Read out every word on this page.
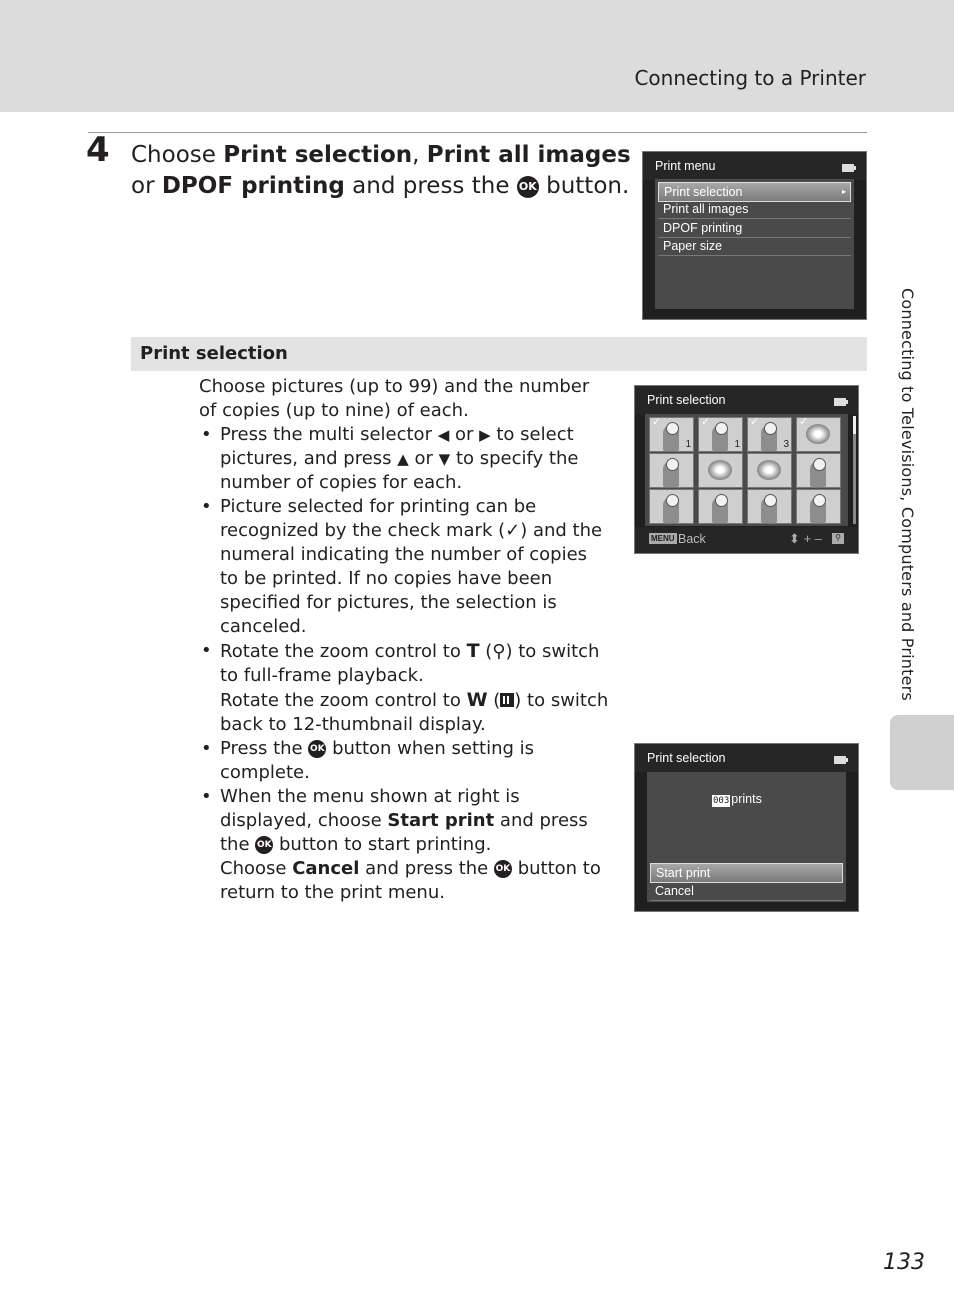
Connecting to a Printer
4 Choose Print selection, Print all images or DPOF printing and press the OK button.
Print menu
Print selection	▸
Print all images
DPOF printing
Paper size
Connecting to Televisions, Computers and Printers
Print selection

Choose pictures (up to 99) and the number of copies (up to nine) of each.

• Press the multi selector ◀ or ▶ to select pictures, and press ▲ or ▼ to specify the number of copies for each.
• Picture selected for printing can be recognized by the check mark (✓) and the numeral indicating the number of copies to be printed. If no copies have been specified for pictures, the selection is canceled.
• Rotate the zoom control to T (⚲) to switch to full-frame playback.
Rotate the zoom control to W ( ) to switch back to 12-thumbnail display.
• Press the OK button when setting is complete.
• When the menu shown at right is displayed, choose Start print and press the OK button to start printing.
Choose Cancel and press the OK button to return to the print menu.
Print selection
MENU Back	⬍ + –	⚲
✓
1
✓
1
✓
3
✓
Print selection
003 prints
Start print
Cancel
133
